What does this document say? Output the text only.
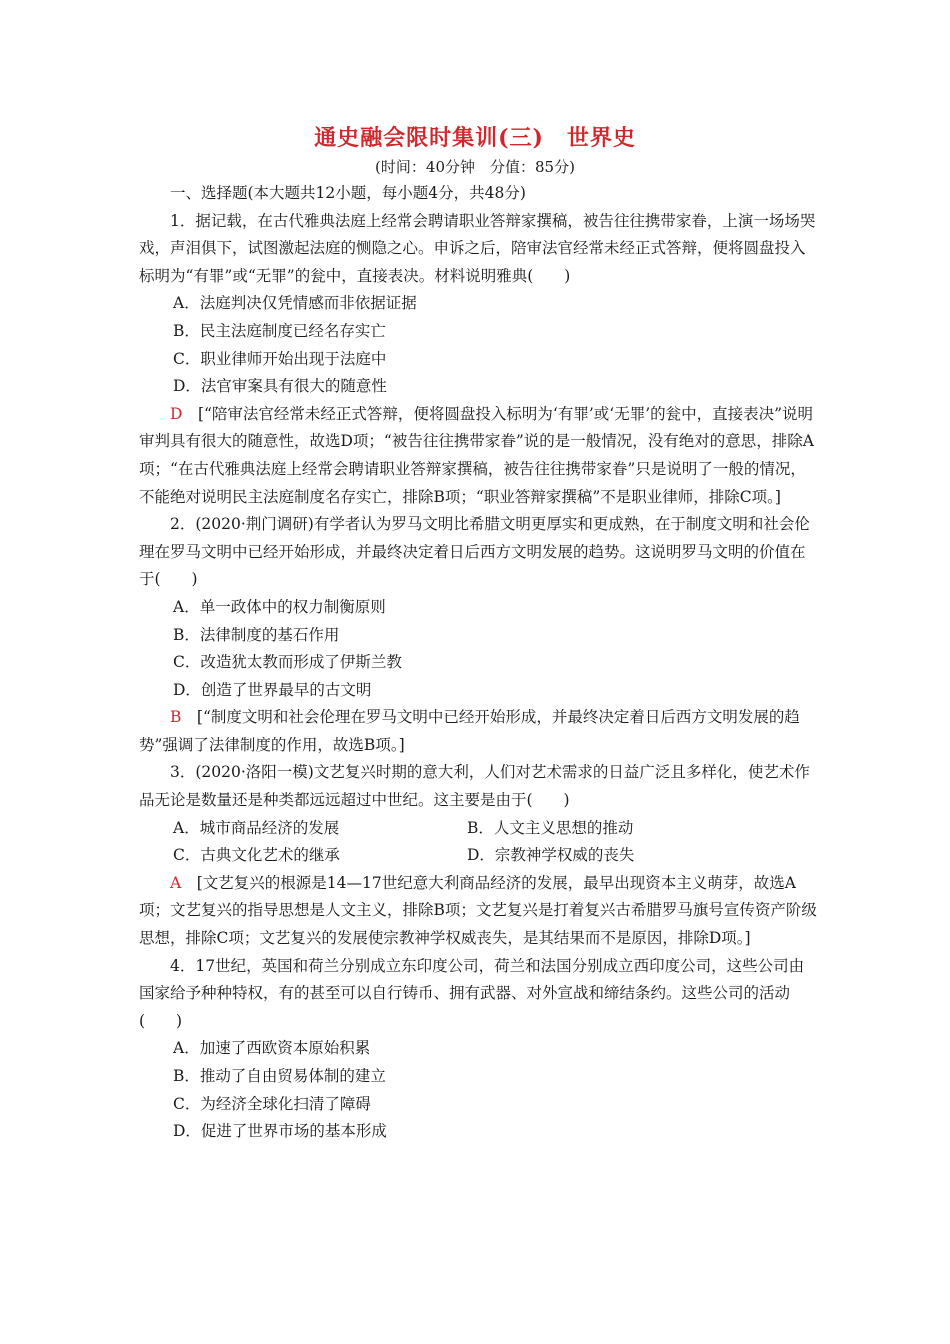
通史融会限时集训(三)　世界史
(时间：40分钟　分值：85分)

一、选择题(本大题共12小题，每小题4分，共48分)

1．据记载，在古代雅典法庭上经常会聘请职业答辩家撰稿，被告往往携带家眷，上演一场场哭戏，声泪俱下，试图激起法庭的恻隐之心。申诉之后，陪审法官经常未经正式答辩，便将圆盘投入标明为“有罪”或“无罪”的瓮中，直接表决。材料说明雅典(　　)

A．法庭判决仅凭情感而非依据证据

B．民主法庭制度已经名存实亡

C．职业律师开始出现于法庭中

D．法官审案具有很大的随意性

D　 [“陪审法官经常未经正式答辩，便将圆盘投入标明为‘有罪’或‘无罪’的瓮中，直接表决”说明审判具有很大的随意性，故选D项；“被告往往携带家眷”说的是一般情况，没有绝对的意思，排除A项；“在古代雅典法庭上经常会聘请职业答辩家撰稿，被告往往携带家眷”只是说明了一般的情况，不能绝对说明民主法庭制度名存实亡，排除B项；“职业答辩家撰稿”不是职业律师，排除C项。]

2．(2020·荆门调研)有学者认为罗马文明比希腊文明更厚实和更成熟，在于制度文明和社会伦理在罗马文明中已经开始形成，并最终决定着日后西方文明发展的趋势。这说明罗马文明的价值在于(　　)

A．单一政体中的权力制衡原则

B．法律制度的基石作用

C．改造犹太教而形成了伊斯兰教

D．创造了世界最早的古文明

B　 [“制度文明和社会伦理在罗马文明中已经开始形成，并最终决定着日后西方文明发展的趋势”强调了法律制度的作用，故选B项。]

3．(2020·洛阳一模)文艺复兴时期的意大利，人们对艺术需求的日益广泛且多样化，使艺术作品无论是数量还是种类都远远超过中世纪。这主要是由于(　　)

A．城市商品经济的发展	B．人文主义思想的推动
C．古典文化艺术的继承	D．宗教神学权威的丧失

A　 [文艺复兴的根源是14—17世纪意大利商品经济的发展，最早出现资本主义萌芽，故选A项；文艺复兴的指导思想是人文主义，排除B项；文艺复兴是打着复兴古希腊罗马旗号宣传资产阶级思想，排除C项；文艺复兴的发展使宗教神学权威丧失，是其结果而不是原因，排除D项。]

4．17世纪，英国和荷兰分别成立东印度公司，荷兰和法国分别成立西印度公司，这些公司由国家给予种种特权，有的甚至可以自行铸币、拥有武器、对外宣战和缔结条约。这些公司的活动(　　)

A．加速了西欧资本原始积累

B．推动了自由贸易体制的建立

C．为经济全球化扫清了障碍

D．促进了世界市场的基本形成
